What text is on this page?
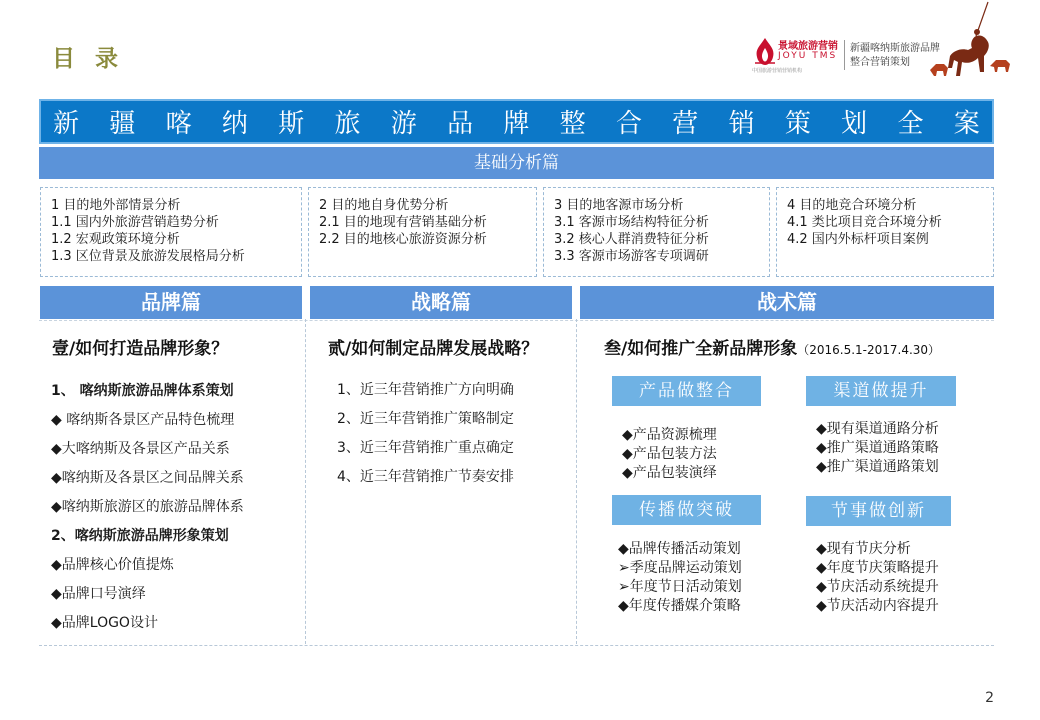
目 录	景域旅游营销
JOYU TMS
中国旅游营销营销机构
新疆喀纳斯旅游品牌
整合营销策划
新 疆 喀 纳 斯 旅 游 品 牌 整 合 营 销 策 划 全 案
基础分析篇
1 目的地外部情景分析
1.1 国内外旅游营销趋势分析
1.2 宏观政策环境分析
1.3 区位背景及旅游发展格局分析
2 目的地自身优势分析
2.1 目的地现有营销基础分析
2.2 目的地核心旅游资源分析
3 目的地客源市场分析
3.1 客源市场结构特征分析
3.2 核心人群消费特征分析
3.3 客源市场游客专项调研
4 目的地竞合环境分析
4.1 类比项目竞合环境分析
4.2 国内外标杆项目案例
品牌篇	战略篇	战术篇
壹/如何打造品牌形象？	贰/如何制定品牌发展战略？	叁/如何推广全新品牌形象（2016.5.1-2017.4.30）
1、 喀纳斯旅游品牌体系策划
◆ 喀纳斯各景区产品特色梳理
◆大喀纳斯及各景区产品关系
◆喀纳斯及各景区之间品牌关系
◆喀纳斯旅游区的旅游品牌体系
2、喀纳斯旅游品牌形象策划
◆品牌核心价值提炼
◆品牌口号演绎
◆品牌LOGO设计
1、近三年营销推广方向明确
2、近三年营销推广策略制定
3、近三年营销推广重点确定
4、近三年营销推广节奏安排
产品做整合
◆产品资源梳理
◆产品包装方法
◆产品包装演绎
渠道做提升
◆现有渠道通路分析
◆推广渠道通路策略
◆推广渠道通路策划
传播做突破
◆品牌传播活动策划
➢季度品牌运动策划
➢年度节日活动策划
◆年度传播媒介策略
节事做创新
◆现有节庆分析
◆年度节庆策略提升
◆节庆活动系统提升
◆节庆活动内容提升
2
